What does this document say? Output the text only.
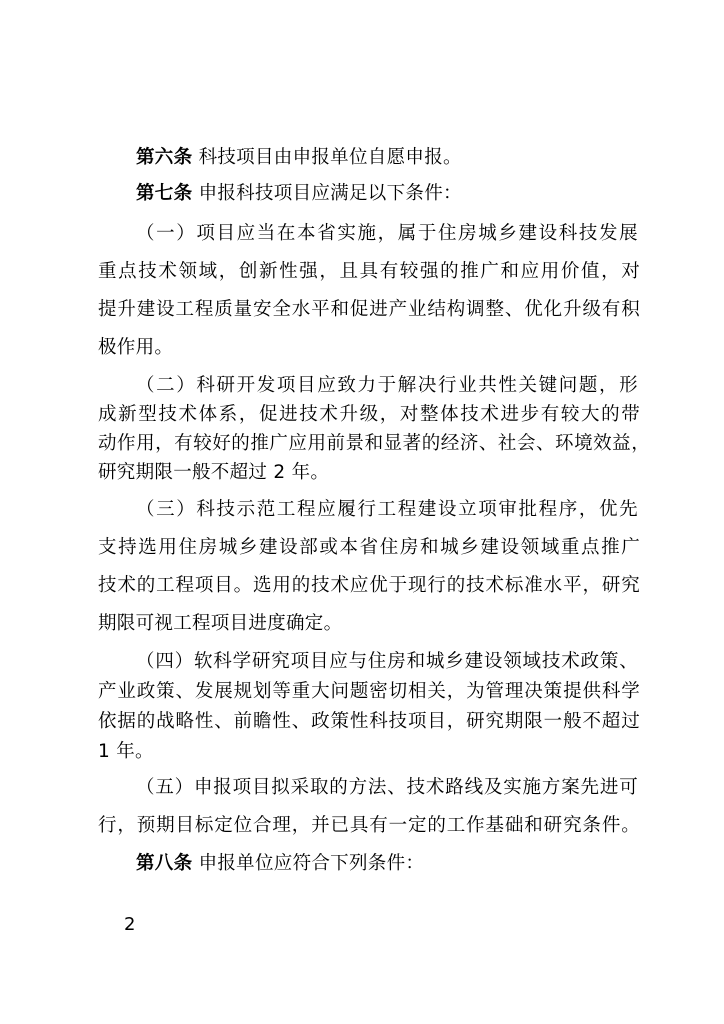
第六条 科技项目由申报单位自愿申报。
第七条 申报科技项目应满足以下条件：
（一）项目应当在本省实施，属于住房城乡建设科技发展
重点技术领域，创新性强，且具有较强的推广和应用价值，对
提升建设工程质量安全水平和促进产业结构调整、优化升级有积
极作用。
（二）科研开发项目应致力于解决行业共性关键问题，形
成新型技术体系，促进技术升级，对整体技术进步有较大的带
动作用，有较好的推广应用前景和显著的经济、社会、环境效益，
研究期限一般不超过 2 年。
（三）科技示范工程应履行工程建设立项审批程序，优先
支持选用住房城乡建设部或本省住房和城乡建设领域重点推广
技术的工程项目。选用的技术应优于现行的技术标准水平，研究
期限可视工程项目进度确定。
（四）软科学研究项目应与住房和城乡建设领域技术政策、
产业政策、发展规划等重大问题密切相关，为管理决策提供科学
依据的战略性、前瞻性、政策性科技项目，研究期限一般不超过
1 年。
（五）申报项目拟采取的方法、技术路线及实施方案先进可
行，预期目标定位合理，并已具有一定的工作基础和研究条件。
第八条 申报单位应符合下列条件：
2
